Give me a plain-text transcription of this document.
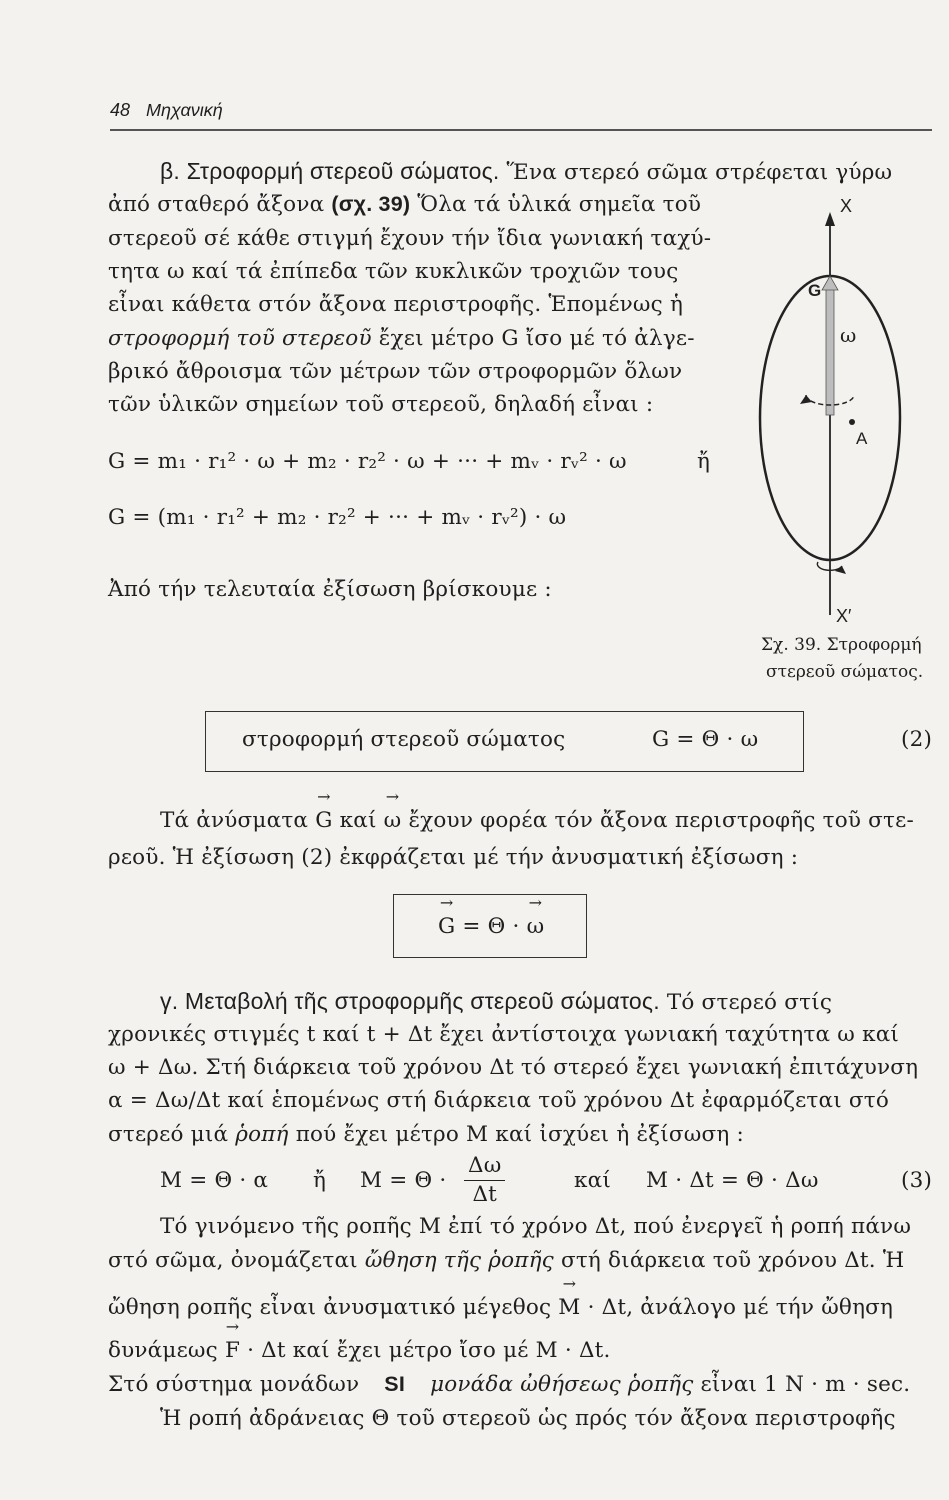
48 Μηχανική
β. Στροφορμή στερεοῦ σώματος. Ἕνα στερεό σῶμα στρέφεται γύρω
ἀπό σταθερό ἄξονα (σχ. 39) Ὅλα τά ὑλικά σημεῖα τοῦ
στερεοῦ σέ κάθε στιγμή ἔχουν τήν ἴδια γωνιακή ταχύ-
τητα ω καί τά ἐπίπεδα τῶν κυκλικῶν τροχιῶν τους
εἶναι κάθετα στόν ἄξονα περιστροφῆς. Ἑπομένως ἡ
στροφορμή τοῦ στερεοῦ ἔχει μέτρο G ἴσο μέ τό ἀλγε-
βρικό ἄθροισμα τῶν μέτρων τῶν στροφορμῶν ὅλων
τῶν ὑλικῶν σημείων τοῦ στερεοῦ, δηλαδή εἶναι :
G = m₁ · r₁² · ω + m₂ · r₂² · ω + ··· + mᵥ · rᵥ² · ω	ἤ
G = (m₁ · r₁² + m₂ · r₂² + ··· + mᵥ · rᵥ²) · ω
Ἀπό τήν τελευταία ἐξίσωση βρίσκουμε :
X
G
ω
A
X′
Σχ. 39. Στροφορμή
στερεοῦ σώματος.
στροφορμή στερεοῦ σώματος	G = Θ · ω	(2)
Τά ἀνύσματα → G καί → ω ἔχουν φορέα τόν ἄξονα περιστροφῆς τοῦ στε-
ρεοῦ. Ἡ ἐξίσωση (2) ἐκφράζεται μέ τήν ἀνυσματική ἐξίσωση :
→ G = Θ · → ω
γ. Μεταβολή τῆς στροφορμῆς στερεοῦ σώματος. Τό στερεό στίς
χρονικές στιγμές t καί t + Δt ἔχει ἀντίστοιχα γωνιακή ταχύτητα ω καί
ω + Δω. Στή διάρκεια τοῦ χρόνου Δt τό στερεό ἔχει γωνιακή ἐπιτάχυνση
α = Δω/Δt καί ἑπομένως στή διάρκεια τοῦ χρόνου Δt ἐφαρμόζεται στό
στερεό μιά ῥοπή πού ἔχει μέτρο Μ καί ἰσχύει ἡ ἐξίσωση :
Μ = Θ · α ἤ $M = \Theta \cdot \frac{\Delta\omega}{\Delta t}$	καί Μ · Δt = Θ · Δω	(3)
Τό γινόμενο τῆς ροπῆς Μ ἐπί τό χρόνο Δt, πού ἐνεργεῖ ἡ ροπή πάνω
στό σῶμα, ὀνομάζεται ὤθηση τῆς ῥοπῆς στή διάρκεια τοῦ χρόνου Δt. Ἡ
ὤθηση ροπῆς εἶναι ἀνυσματικό μέγεθος → M · Δt, ἀνάλογο μέ τήν ὤθηση
δυνάμεως → F · Δt καί ἔχει μέτρο ἴσο μέ Μ · Δt.
Στό σύστημα μονάδων SI μονάδα ὠθήσεως ῥοπῆς εἶναι 1 N · m · sec.
Ἡ ροπή ἀδράνειας Θ τοῦ στερεοῦ ὡς πρός τόν ἄξονα περιστροφῆς
